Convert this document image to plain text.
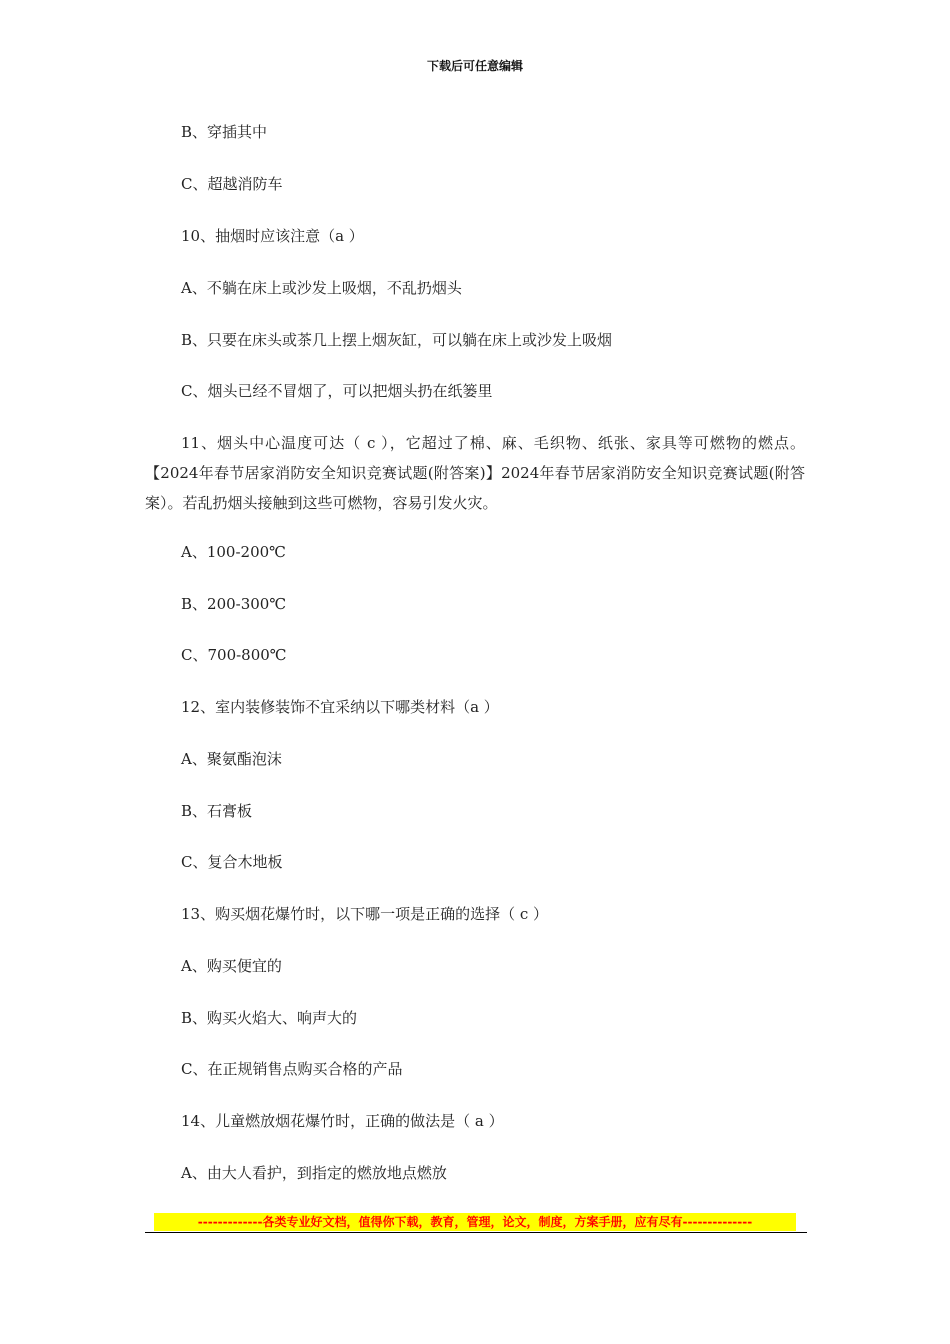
下载后可任意编辑
B、穿插其中
C、超越消防车
10、抽烟时应该注意（a ）
A、不躺在床上或沙发上吸烟，不乱扔烟头
B、只要在床头或茶几上摆上烟灰缸，可以躺在床上或沙发上吸烟
C、烟头已经不冒烟了，可以把烟头扔在纸篓里
11、烟头中心温度可达（ c ），它超过了棉、麻、毛织物、纸张、家具等可燃物的燃点。【2024年春节居家消防安全知识竞赛试题(附答案)】2024年春节居家消防安全知识竞赛试题(附答案）。若乱扔烟头接触到这些可燃物，容易引发火灾。
A、100-200℃
B、200-300℃
C、700-800℃
12、室内装修装饰不宜采纳以下哪类材料（a ）
A、聚氨酯泡沫
B、石膏板
C、复合木地板
13、购买烟花爆竹时，以下哪一项是正确的选择（ c ）
A、购买便宜的
B、购买火焰大、响声大的
C、在正规销售点购买合格的产品
14、儿童燃放烟花爆竹时，正确的做法是（ a ）
A、由大人看护，到指定的燃放地点燃放
-------------各类专业好文档，值得你下载，教育，管理，论文，制度，方案手册，应有尽有--------------
